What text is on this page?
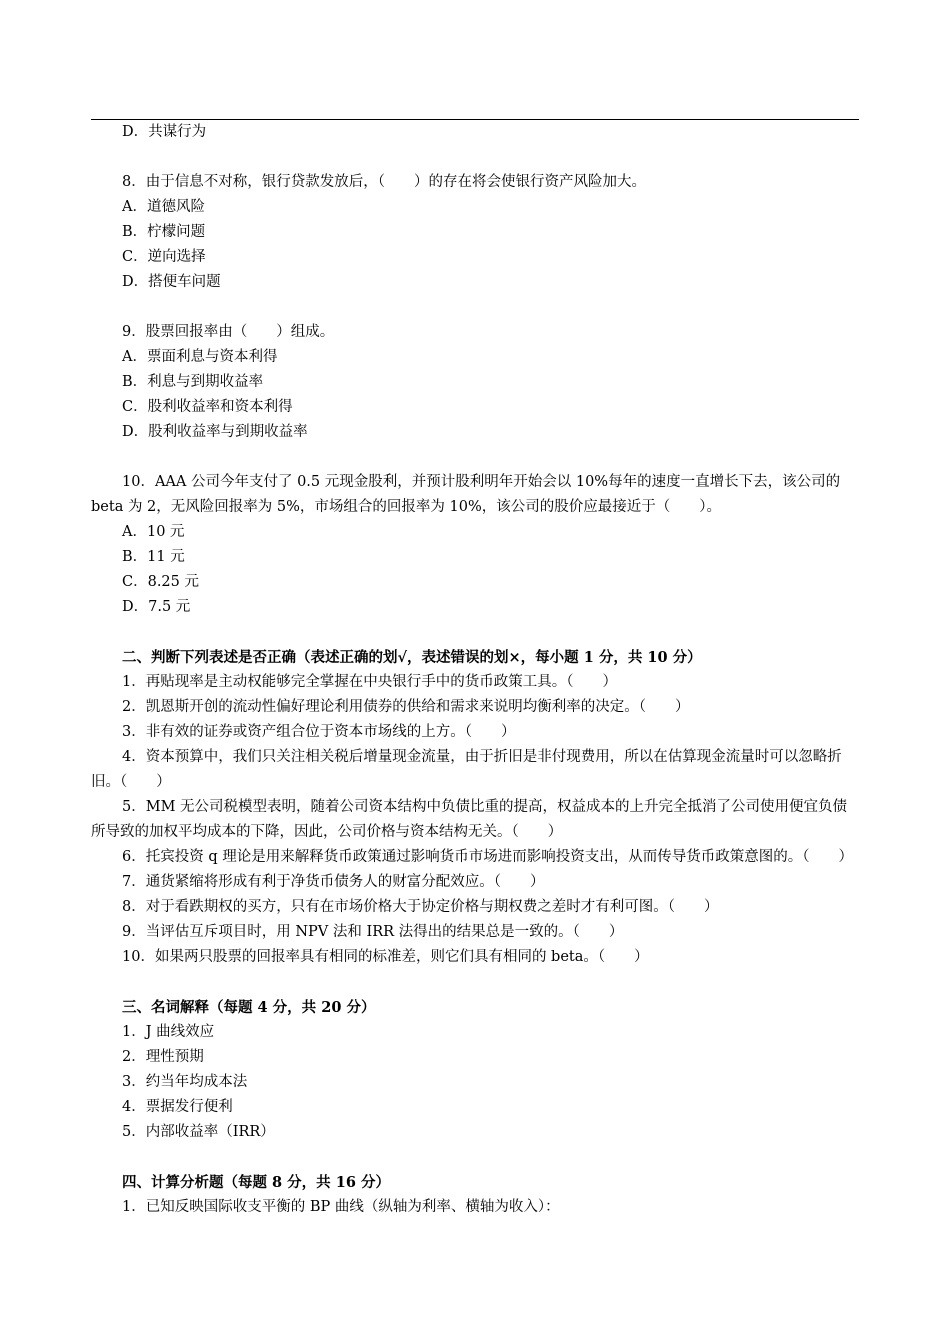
D．共谋行为
8．由于信息不对称，银行贷款发放后，（　　）的存在将会使银行资产风险加大。
A．道德风险
B．柠檬问题
C．逆向选择
D．搭便车问题
9．股票回报率由（　　）组成。
A．票面利息与资本利得
B．利息与到期收益率
C．股利收益率和资本利得
D．股利收益率与到期收益率
10．AAA 公司今年支付了 0.5 元现金股利，并预计股利明年开始会以 10%每年的速度一直增长下去，该公司的 beta 为 2，无风险回报率为 5%，市场组合的回报率为 10%，该公司的股价应最接近于（　　）。
A．10 元
B．11 元
C．8.25 元
D．7.5 元
二、判断下列表述是否正确（表述正确的划√，表述错误的划×，每小题 1 分，共 10 分）
1．再贴现率是主动权能够完全掌握在中央银行手中的货币政策工具。（　　）
2．凯恩斯开创的流动性偏好理论利用债券的供给和需求来说明均衡利率的决定。（　　）
3．非有效的证券或资产组合位于资本市场线的上方。（　　）
4．资本预算中，我们只关注相关税后增量现金流量，由于折旧是非付现费用，所以在估算现金流量时可以忽略折旧。（　　）
5．MM 无公司税模型表明，随着公司资本结构中负债比重的提高，权益成本的上升完全抵消了公司使用便宜负债所导致的加权平均成本的下降，因此，公司价格与资本结构无关。（　　）
6．托宾投资 q 理论是用来解释货币政策通过影响货币市场进而影响投资支出，从而传导货币政策意图的。（　　）
7．通货紧缩将形成有利于净货币债务人的财富分配效应。（　　）
8．对于看跌期权的买方，只有在市场价格大于协定价格与期权费之差时才有利可图。（　　）
9．当评估互斥项目时，用 NPV 法和 IRR 法得出的结果总是一致的。（　　）
10．如果两只股票的回报率具有相同的标准差，则它们具有相同的 beta。（　　）
三、名词解释（每题 4 分，共 20 分）
1．J 曲线效应
2．理性预期
3．约当年均成本法
4．票据发行便利
5．内部收益率（IRR）
四、计算分析题（每题 8 分，共 16 分）
1．已知反映国际收支平衡的 BP 曲线（纵轴为利率、横轴为收入）：
